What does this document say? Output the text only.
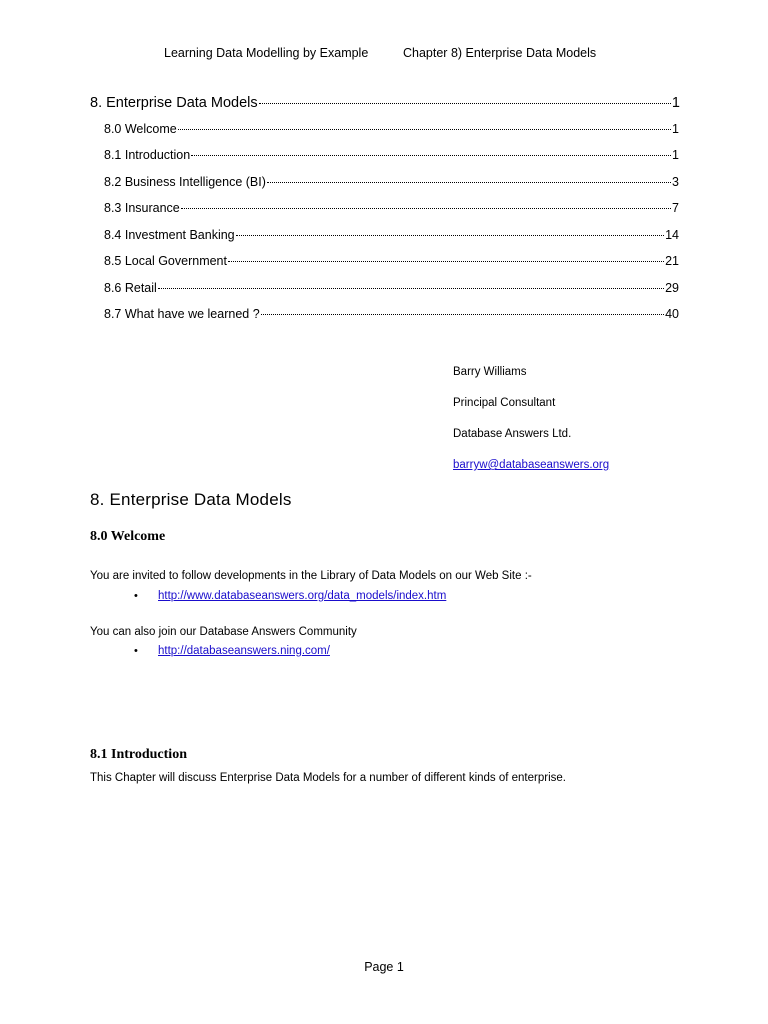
Learning Data Modelling by Example	Chapter 8) Enterprise Data Models
8. Enterprise Data Models	1
8.0 Welcome	1
8.1 Introduction	1
8.2 Business Intelligence (BI)	3
8.3 Insurance	7
8.4 Investment Banking	14
8.5 Local Government	21
8.6 Retail	29
8.7 What have we learned ?	40
Barry Williams
Principal Consultant
Database Answers Ltd.
barryw@databaseanswers.org
8. Enterprise Data Models
8.0 Welcome
You are invited to follow developments in the Library of Data Models on our Web Site :-
• http://www.databaseanswers.org/data_models/index.htm
You can also join our Database Answers Community
• http://databaseanswers.ning.com/
8.1 Introduction
This Chapter will discuss Enterprise Data Models for a number of different kinds of enterprise.
Page 1
